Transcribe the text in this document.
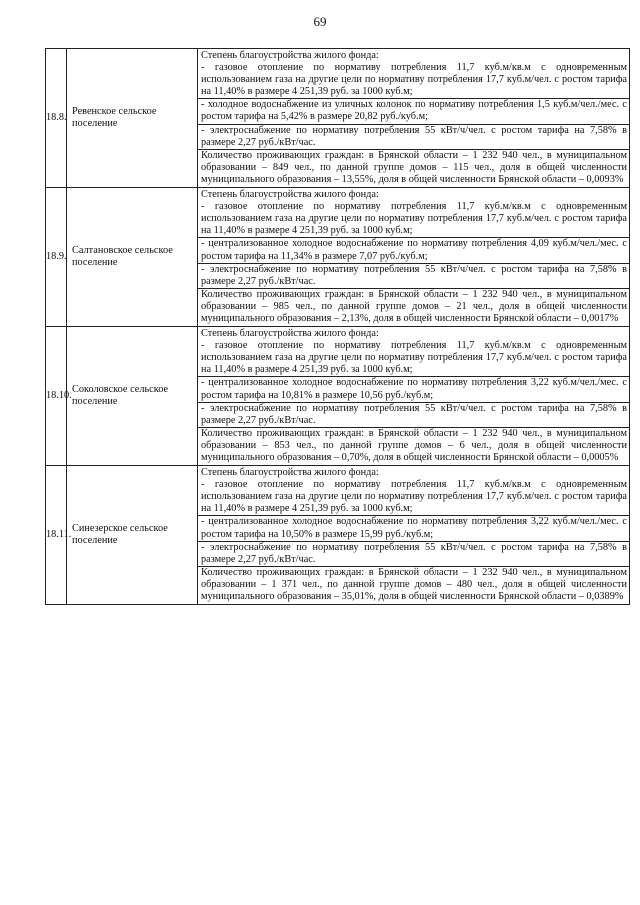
69
18.8.	Ревенское сельское поселение	Степень благоустройства жилого фонда:
- газовое отопление по нормативу потребления 11,7 куб.м/кв.м с одновременным использованием газа на другие цели по нормативу потребления 17,7 куб.м/чел. с ростом тарифа на 11,40% в размере 4 251,39 руб. за 1000 куб.м;
- холодное водоснабжение из уличных колонок по нормативу потребления 1,5 куб.м/чел./мес. с ростом тарифа на 5,42% в размере 20,82 руб./куб.м;
- электроснабжение по нормативу потребления 55 кВт/ч/чел. с ростом тарифа на 7,58% в размере 2,27 руб./кВт/час.
Количество проживающих граждан: в Брянской области – 1 232 940 чел., в муниципальном образовании – 849 чел., по данной группе домов – 115 чел., доля в общей численности муниципального образования – 13,55%, доля в общей численности Брянской области – 0,0093%

18.9.	Салтановское сельское поселение	Степень благоустройства жилого фонда:
- газовое отопление по нормативу потребления 11,7 куб.м/кв.м с одновременным использованием газа на другие цели по нормативу потребления 17,7 куб.м/чел. с ростом тарифа на 11,40% в размере 4 251,39 руб. за 1000 куб.м;
- централизованное холодное водоснабжение по нормативу потребления 4,09 куб.м/чел./мес. с ростом тарифа на 11,34% в размере 7,07 руб./куб.м;
- электроснабжение по нормативу потребления 55 кВт/ч/чел. с ростом тарифа на 7,58% в размере 2,27 руб./кВт/час.
Количество проживающих граждан: в Брянской области – 1 232 940 чел., в муниципальном образовании – 985 чел., по данной группе домов – 21 чел., доля в общей численности муниципального образования – 2,13%, доля в общей численности Брянской области – 0,0017%

18.10.	Соколовское сельское поселение	Степень благоустройства жилого фонда:
- газовое отопление по нормативу потребления 11,7 куб.м/кв.м с одновременным использованием газа на другие цели по нормативу потребления 17,7 куб.м/чел. с ростом тарифа на 11,40% в размере 4 251,39 руб. за 1000 куб.м;
- централизованное холодное водоснабжение по нормативу потребления 3,22 куб.м/чел./мес. с ростом тарифа на 10,81% в размере 10,56 руб./куб.м;
- электроснабжение по нормативу потребления 55 кВт/ч/чел. с ростом тарифа на 7,58% в размере 2,27 руб./кВт/час.
Количество проживающих граждан: в Брянской области – 1 232 940 чел., в муниципальном образовании – 853 чел., по данной группе домов – 6 чел., доля в общей численности муниципального образования – 0,70%, доля в общей численности Брянской области – 0,0005%

18.11.	Синезерское сельское поселение	Степень благоустройства жилого фонда:
- газовое отопление по нормативу потребления 11,7 куб.м/кв.м с одновременным использованием газа на другие цели по нормативу потребления 17,7 куб.м/чел. с ростом тарифа на 11,40% в размере 4 251,39 руб. за 1000 куб.м;
- централизованное холодное водоснабжение по нормативу потребления 3,22 куб.м/чел./мес. с ростом тарифа на 10,50% в размере 15,99 руб./куб.м;
- электроснабжение по нормативу потребления 55 кВт/ч/чел. с ростом тарифа на 7,58% в размере 2,27 руб./кВт/час.
Количество проживающих граждан: в Брянской области – 1 232 940 чел., в муниципальном образовании – 1 371 чел., по данной группе домов – 480 чел., доля в общей численности муниципального образования – 35,01%, доля в общей численности Брянской области – 0,0389%
